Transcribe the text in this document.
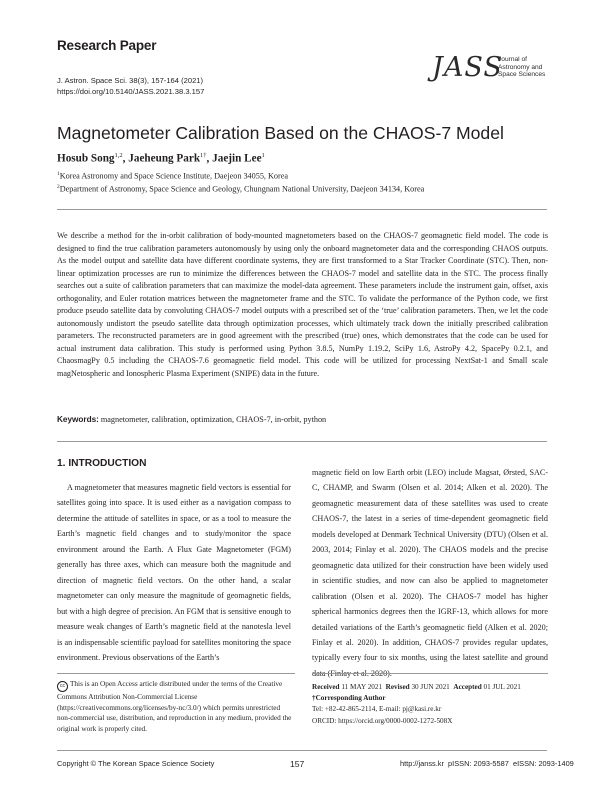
Research Paper
J. Astron. Space Sci. 38(3), 157-164 (2021)
https://doi.org/10.5140/JASS.2021.38.3.157
JASS
Journal of
Astronomy and
Space Sciences
Magnetometer Calibration Based on the CHAOS-7 Model
Hosub Song$^{1,2}$, Jaeheung Park$^{1\dagger}$, Jaejin Lee$^1$
$^1$Korea Astronomy and Space Science Institute, Daejeon 34055, Korea
$^2$Department of Astronomy, Space Science and Geology, Chungnam National University, Daejeon 34134, Korea
We describe a method for the in-orbit calibration of body-mounted magnetometers based on the CHAOS-7 geomagnetic field model. The code is designed to find the true calibration parameters autonomously by using only the onboard magnetometer data and the corresponding CHAOS outputs. As the model output and satellite data have different coordinate systems, they are first transformed to a Star Tracker Coordinate (STC). Then, non-linear optimization processes are run to minimize the differences between the CHAOS-7 model and satellite data in the STC. The process finally searches out a suite of calibration parameters that can maximize the model-data agreement. These parameters include the instrument gain, offset, axis orthogonality, and Euler rotation matrices between the magnetometer frame and the STC. To validate the performance of the Python code, we first produce pseudo satellite data by convoluting CHAOS-7 model outputs with a prescribed set of the ‘true’ calibration parameters. Then, we let the code autonomously undistort the pseudo satellite data through optimization processes, which ultimately track down the initially prescribed calibration parameters. The reconstructed parameters are in good agreement with the prescribed (true) ones, which demonstrates that the code can be used for actual instrument data calibration. This study is performed using Python 3.8.5, NumPy 1.19.2, SciPy 1.6, AstroPy 4.2, SpacePy 0.2.1, and ChaosmagPy 0.5 including the CHAOS-7.6 geomagnetic field model. This code will be utilized for processing NextSat-1 and Small scale magNetospheric and Ionospheric Plasma Experiment (SNIPE) data in the future.
Keywords: magnetometer, calibration, optimization, CHAOS-7, in-orbit, python
1. INTRODUCTION
A magnetometer that measures magnetic field vectors is essential for satellites going into space. It is used either as a navigation compass to determine the attitude of satellites in space, or as a tool to measure the Earth’s magnetic field changes and to study/monitor the space environment around the Earth. A Flux Gate Magnetometer (FGM) generally has three axes, which can measure both the magnitude and direction of magnetic field vectors. On the other hand, a scalar magnetometer can only measure the magnitude of geomagnetic fields, but with a high degree of precision. An FGM that is sensitive enough to measure weak changes of Earth’s magnetic field at the nanotesla level is an indispensable scientific payload for satellites monitoring the space environment. Previous observations of the Earth’s
magnetic field on low Earth orbit (LEO) include Magsat, Ørsted, SAC-C, CHAMP, and Swarm (Olsen et al. 2014; Alken et al. 2020). The geomagnetic measurement data of these satellites was used to create CHAOS-7, the latest in a series of time-dependent geomagnetic field models developed at Denmark Technical University (DTU) (Olsen et al. 2003, 2014; Finlay et al. 2020). The CHAOS models and the precise geomagnetic data utilized for their construction have been widely used in scientific studies, and now can also be applied to magnetometer calibration (Olsen et al. 2020). The CHAOS-7 model has higher spherical harmonics degrees then the IGRF-13, which allows for more detailed variations of the Earth’s geomagnetic field (Alken et al. 2020; Finlay et al. 2020). In addition, CHAOS-7 provides regular updates, typically every four to six months, using the latest satellite and ground data (Finlay et al. 2020).
cc This is an Open Access article distributed under the terms of the Creative Commons Attribution Non-Commercial License (https://creativecommons.org/licenses/by-nc/3.0/) which permits unrestricted non-commercial use, distribution, and reproduction in any medium, provided the original work is properly cited.
Received 11 MAY 2021 Revised 30 JUN 2021 Accepted 01 JUL 2021
†Corresponding Author
Tel: +82-42-865-2114, E-mail: pj@kasi.re.kr
ORCID: https://orcid.org/0000-0002-1272-508X
Copyright © The Korean Space Science Society	157	http://janss.kr  pISSN: 2093-5587  eISSN: 2093-1409
